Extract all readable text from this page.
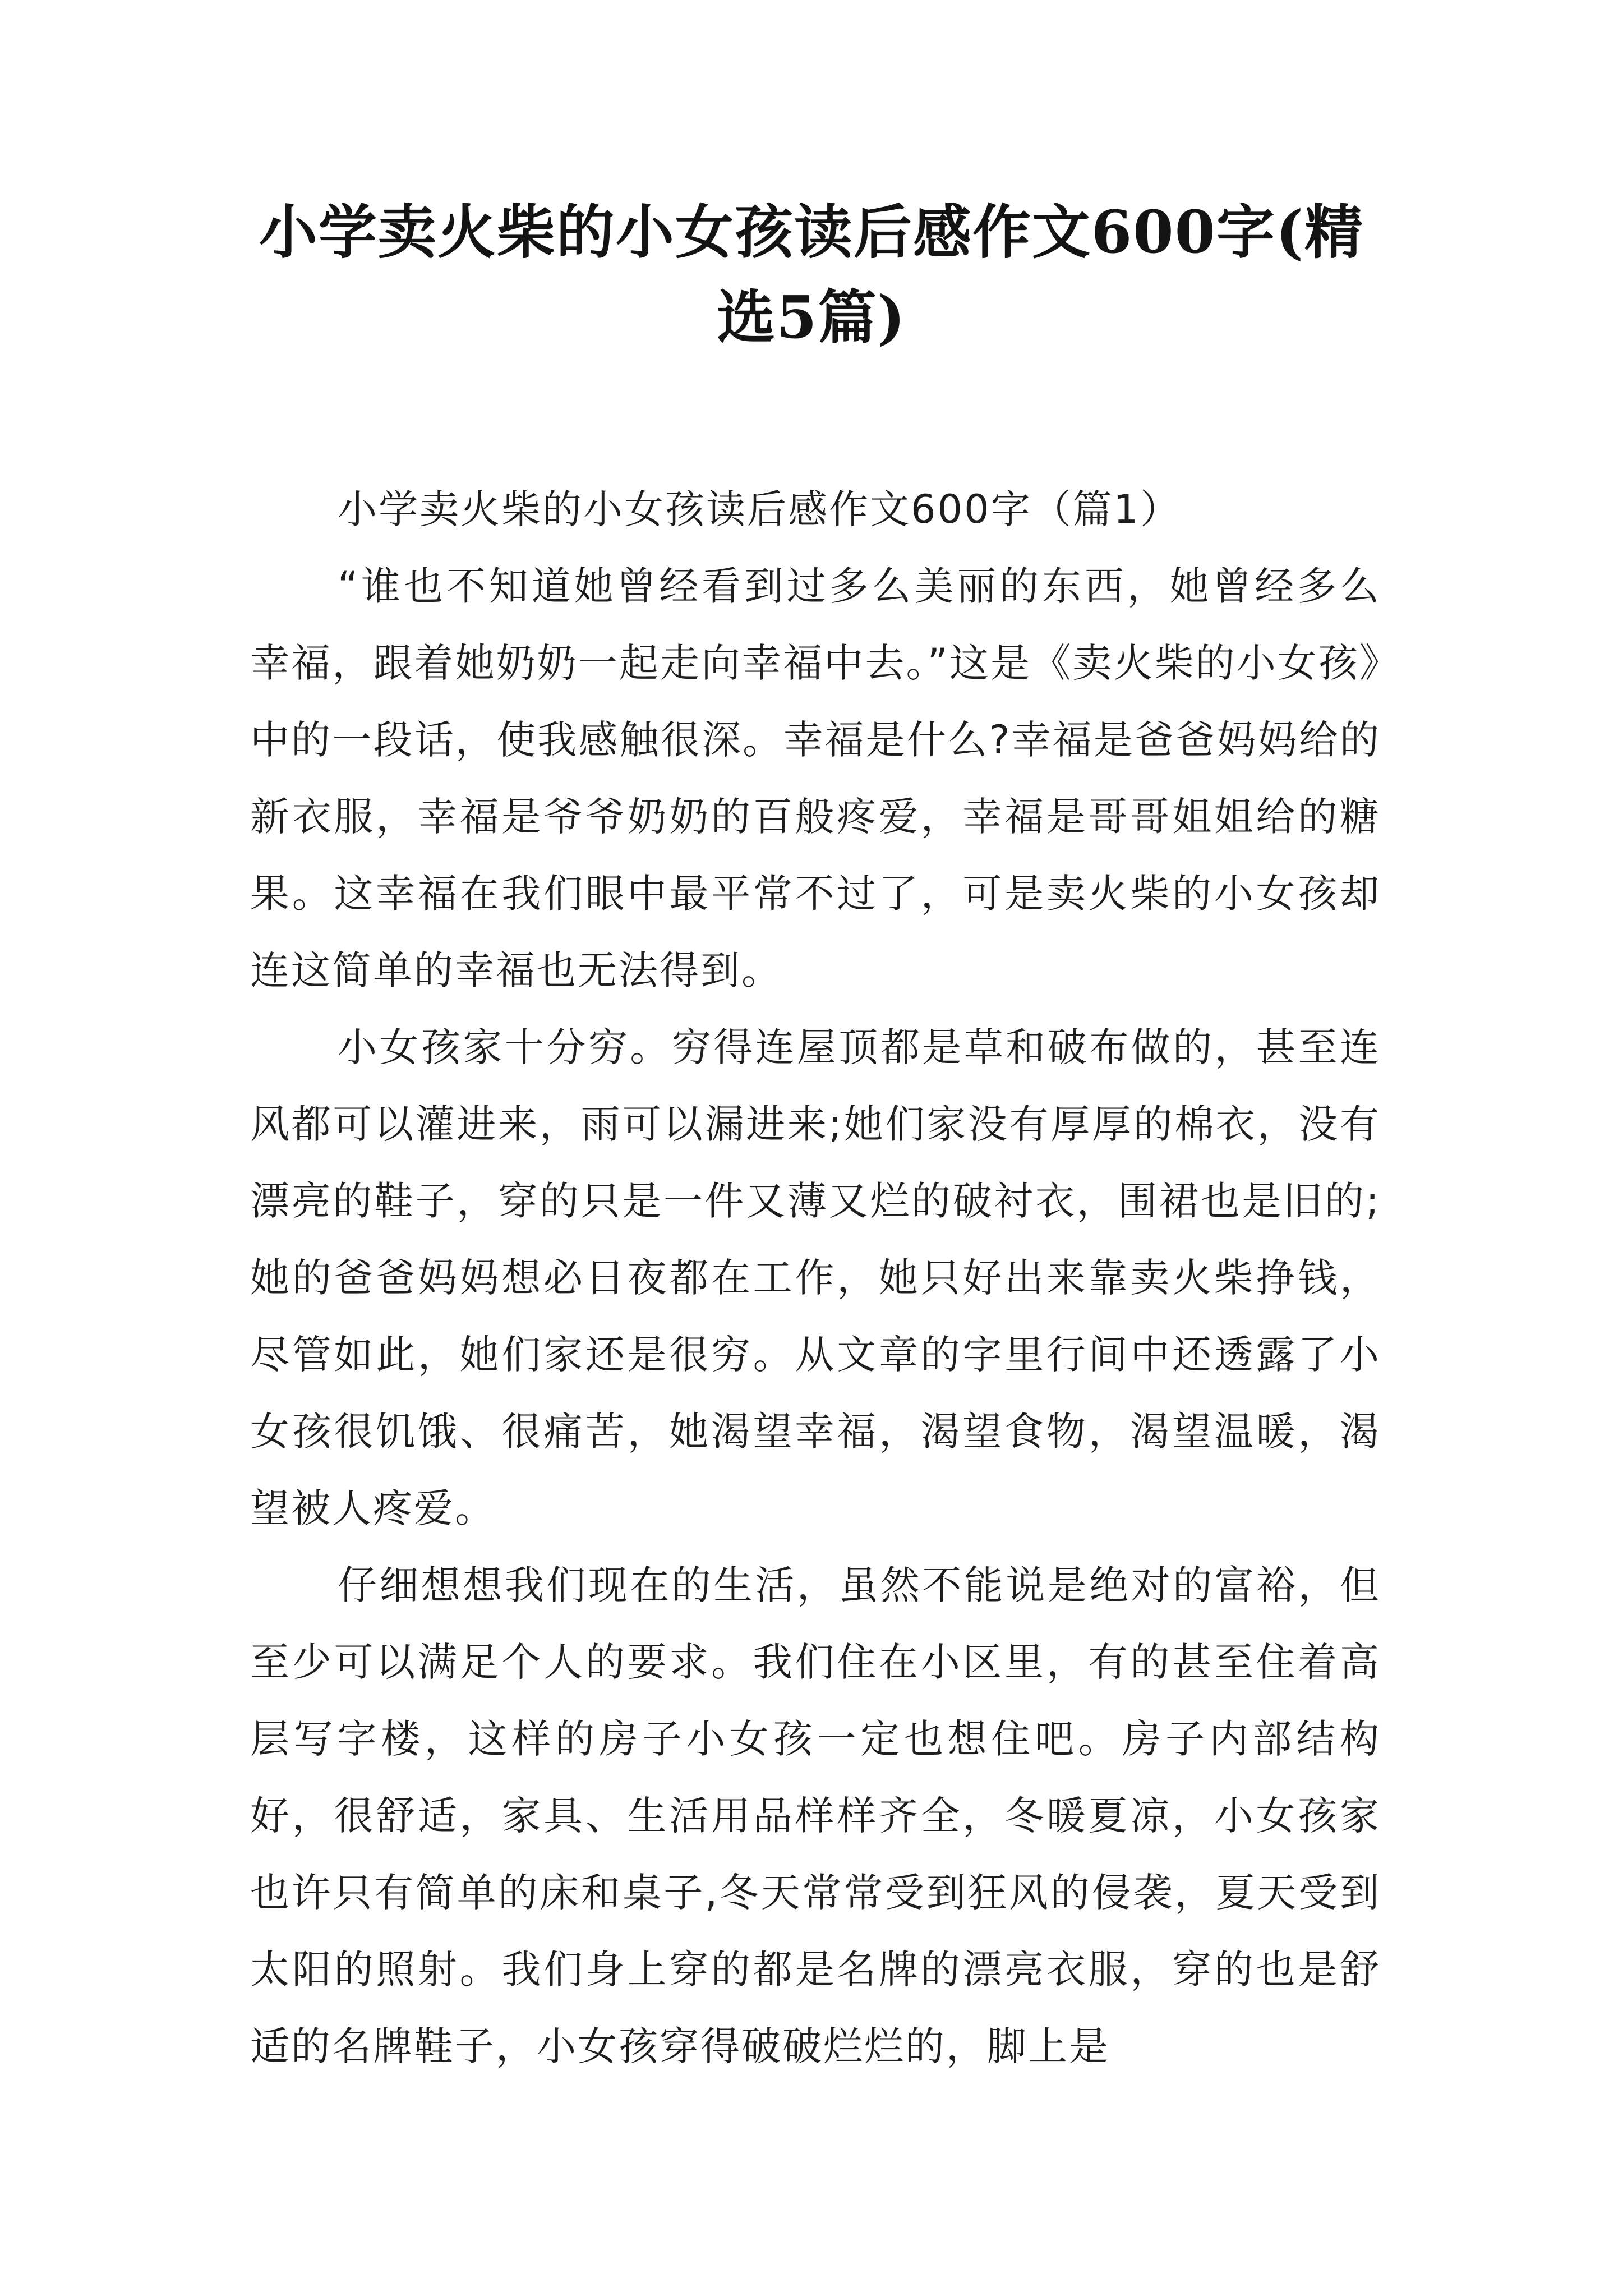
小学卖火柴的小女孩读后感作文600字(精
选5篇)

小学卖火柴的小女孩读后感作文600字（篇1）

“谁也不知道她曾经看到过多么美丽的东西，她曾经多么幸福，跟着她奶奶一起走向幸福中去。”这是《卖火柴的小女孩》中的一段话，使我感触很深。幸福是什么?幸福是爸爸妈妈给的新衣服，幸福是爷爷奶奶的百般疼爱，幸福是哥哥姐姐给的糖果。这幸福在我们眼中最平常不过了，可是卖火柴的小女孩却连这简单的幸福也无法得到。

小女孩家十分穷。穷得连屋顶都是草和破布做的，甚至连风都可以灌进来，雨可以漏进来;她们家没有厚厚的棉衣，没有漂亮的鞋子，穿的只是一件又薄又烂的破衬衣，围裙也是旧的;她的爸爸妈妈想必日夜都在工作，她只好出来靠卖火柴挣钱，尽管如此，她们家还是很穷。从文章的字里行间中还透露了小女孩很饥饿、很痛苦，她渴望幸福，渴望食物，渴望温暖，渴望被人疼爱。

仔细想想我们现在的生活，虽然不能说是绝对的富裕，但至少可以满足个人的要求。我们住在小区里，有的甚至住着高层写字楼，这样的房子小女孩一定也想住吧。房子内部结构好，很舒适，家具、生活用品样样齐全，冬暖夏凉，小女孩家也许只有简单的床和桌子,冬天常常受到狂风的侵袭，夏天受到太阳的照射。我们身上穿的都是名牌的漂亮衣服，穿的也是舒适的名牌鞋子，小女孩穿得破破烂烂的，脚上是
